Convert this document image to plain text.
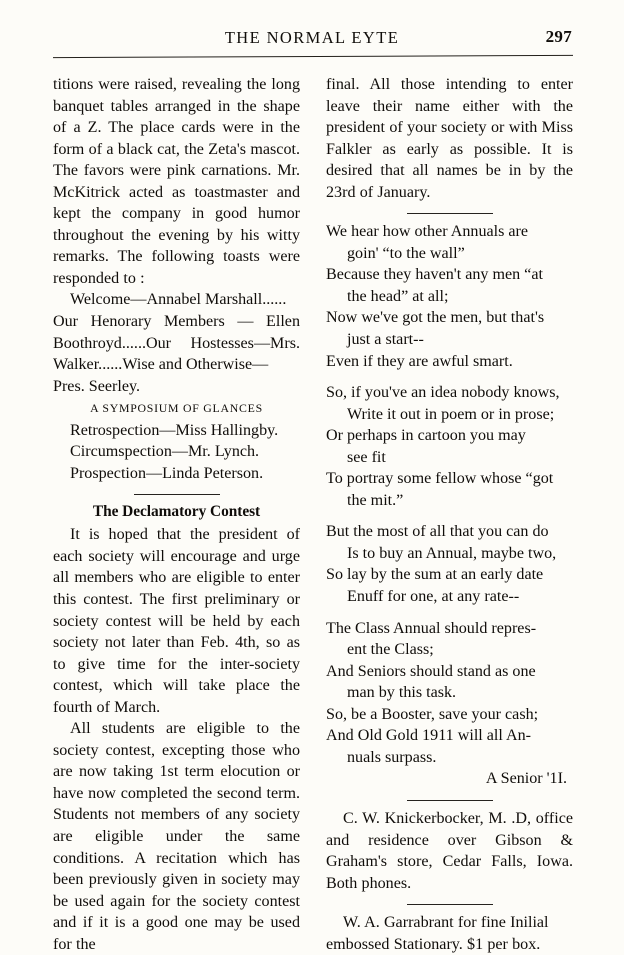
THE NORMAL EYTE	297

titions were raised, revealing the long banquet tables arranged in the shape of a Z. The place cards were in the form of a black cat, the Zeta's mascot. The favors were pink carnations. Mr. McKitrick acted as toastmaster and kept the company in good humor throughout the evening by his witty remarks. The following toasts were responded to :

Welcome—Annabel Marshall......
Our Henorary Members — Ellen Boothroyd......Our Hostesses—Mrs. Walker......Wise and Otherwise—
Pres. Seerley.
A SYMPOSIUM OF GLANCES
Retrospection—Miss Hallingby.
Circumspection—Mr. Lynch.
Prospection—Linda Peterson.
The Declamatory Contest

It is hoped that the president of each society will encourage and urge all members who are eligible to enter this contest. The first preliminary or society contest will be held by each society not later than Feb. 4th, so as to give time for the inter-society contest, which will take place the fourth of March.

All students are eligible to the society contest, excepting those who are now taking 1st term elocution or have now completed the second term. Students not members of any society are eligible under the same conditions. A recitation which has been previously given in society may be used again for the society contest and if it is a good one may be used for the

final. All those intending to enter leave their name either with the president of your society or with Miss Falkler as early as possible. It is desired that all names be in by the 23rd of January.

We hear how other Annuals are
goin' “to the wall”
Because they haven't any men “at
the head” at all;
Now we've got the men, but that's
just a start--
Even if they are awful smart.
So, if you've an idea nobody knows,
Write it out in poem or in prose;
Or perhaps in cartoon you may
see fit
To portray some fellow whose “got
the mit.”
But the most of all that you can do
Is to buy an Annual, maybe two,
So lay by the sum at an early date
Enuff for one, at any rate--
The Class Annual should repres-
ent the Class;
And Seniors should stand as one
man by this task.
So, be a Booster, save your cash;
And Old Gold 1911 will all An-
nuals surpass.
A Senior '1I.

C. W. Knickerbocker, M. .D, office and residence over Gibson & Graham's store, Cedar Falls, Iowa. Both phones.

W. A. Garrabrant for fine Inilial embossed Stationary. $1 per box.
